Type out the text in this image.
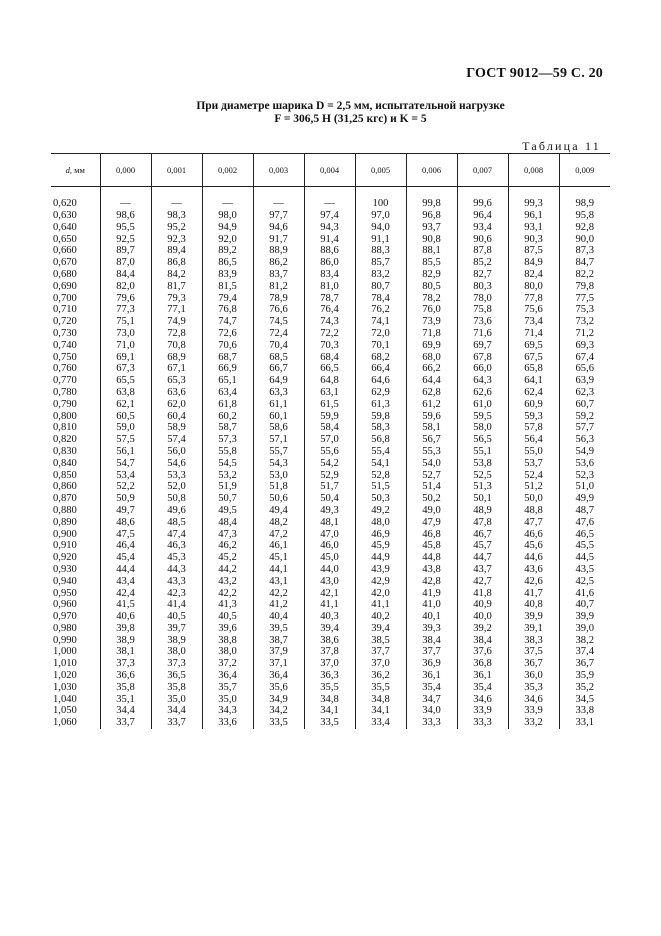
ГОСТ 9012—59 С. 20
При диаметре шарика D = 2,5 мм, испытательной нагрузке
F = 306,5 Н (31,25 кгс) и K = 5
Таблица 11
d, мм	0,000	0,001	0,002	0,003	0,004	0,005	0,006	0,007	0,008	0,009

0,620	—	—	—	—	—	100	99,8	99,6	99,3	98,9
0,630	98,6	98,3	98,0	97,7	97,4	97,0	96,8	96,4	96,1	95,8
0,640	95,5	95,2	94,9	94,6	94,3	94,0	93,7	93,4	93,1	92,8
0,650	92,5	92,3	92,0	91,7	91,4	91,1	90,8	90,6	90,3	90,0
0,660	89,7	89,4	89,2	88,9	88,6	88,3	88,1	87,8	87,5	87,3
0,670	87,0	86,8	86,5	86,2	86,0	85,7	85,5	85,2	84,9	84,7
0,680	84,4	84,2	83,9	83,7	83,4	83,2	82,9	82,7	82,4	82,2
0,690	82,0	81,7	81,5	81,2	81,0	80,7	80,5	80,3	80,0	79,8
0,700	79,6	79,3	79,4	78,9	78,7	78,4	78,2	78,0	77,8	77,5
0,710	77,3	77,1	76,8	76,6	76,4	76,2	76,0	75,8	75,6	75,3
0,720	75,1	74,9	74,7	74,5	74,3	74,1	73,9	73,6	73,4	73,2
0,730	73,0	72,8	72,6	72,4	72,2	72,0	71,8	71,6	71,4	71,2
0,740	71,0	70,8	70,6	70,4	70,3	70,1	69,9	69,7	69,5	69,3
0,750	69,1	68,9	68,7	68,5	68,4	68,2	68,0	67,8	67,5	67,4
0,760	67,3	67,1	66,9	66,7	66,5	66,4	66,2	66,0	65,8	65,6
0,770	65,5	65,3	65,1	64,9	64,8	64,6	64,4	64,3	64,1	63,9
0,780	63,8	63,6	63,4	63,3	63,1	62,9	62,8	62,6	62,4	62,3
0,790	62,1	62,0	61,8	61,1	61,5	61,3	61,2	61,0	60,9	60,7
0,800	60,5	60,4	60,2	60,1	59,9	59,8	59,6	59,5	59,3	59,2
0,810	59,0	58,9	58,7	58,6	58,4	58,3	58,1	58,0	57,8	57,7
0,820	57,5	57,4	57,3	57,1	57,0	56,8	56,7	56,5	56,4	56,3
0,830	56,1	56,0	55,8	55,7	55,6	55,4	55,3	55,1	55,0	54,9
0,840	54,7	54,6	54,5	54,3	54,2	54,1	54,0	53,8	53,7	53,6
0,850	53,4	53,3	53,2	53,0	52,9	52,8	52,7	52,5	52,4	52,3
0,860	52,2	52,0	51,9	51,8	51,7	51,5	51,4	51,3	51,2	51,0
0,870	50,9	50,8	50,7	50,6	50,4	50,3	50,2	50,1	50,0	49,9
0,880	49,7	49,6	49,5	49,4	49,3	49,2	49,0	48,9	48,8	48,7
0,890	48,6	48,5	48,4	48,2	48,1	48,0	47,9	47,8	47,7	47,6
0,900	47,5	47,4	47,3	47,2	47,0	46,9	46,8	46,7	46,6	46,5
0,910	46,4	46,3	46,2	46,1	46,0	45,9	45,8	45,7	45,6	45,5
0,920	45,4	45,3	45,2	45,1	45,0	44,9	44,8	44,7	44,6	44,5
0,930	44,4	44,3	44,2	44,1	44,0	43,9	43,8	43,7	43,6	43,5
0,940	43,4	43,3	43,2	43,1	43,0	42,9	42,8	42,7	42,6	42,5
0,950	42,4	42,3	42,2	42,2	42,1	42,0	41,9	41,8	41,7	41,6
0,960	41,5	41,4	41,3	41,2	41,1	41,1	41,0	40,9	40,8	40,7
0,970	40,6	40,5	40,5	40,4	40,3	40,2	40,1	40,0	39,9	39,9
0,980	39,8	39,7	39,6	39,5	39,4	39,4	39,3	39,2	39,1	39,0
0,990	38,9	38,9	38,8	38,7	38,6	38,5	38,4	38,4	38,3	38,2
1,000	38,1	38,0	38,0	37,9	37,8	37,7	37,7	37,6	37,5	37,4
1,010	37,3	37,3	37,2	37,1	37,0	37,0	36,9	36,8	36,7	36,7
1,020	36,6	36,5	36,4	36,4	36,3	36,2	36,1	36,1	36,0	35,9
1,030	35,8	35,8	35,7	35,6	35,5	35,5	35,4	35,4	35,3	35,2
1,040	35,1	35,0	35,0	34,9	34,8	34,8	34,7	34,6	34,6	34,5
1,050	34,4	34,4	34,3	34,2	34,1	34,1	34,0	33,9	33,9	33,8
1,060	33,7	33,7	33,6	33,5	33,5	33,4	33,3	33,3	33,2	33,1
